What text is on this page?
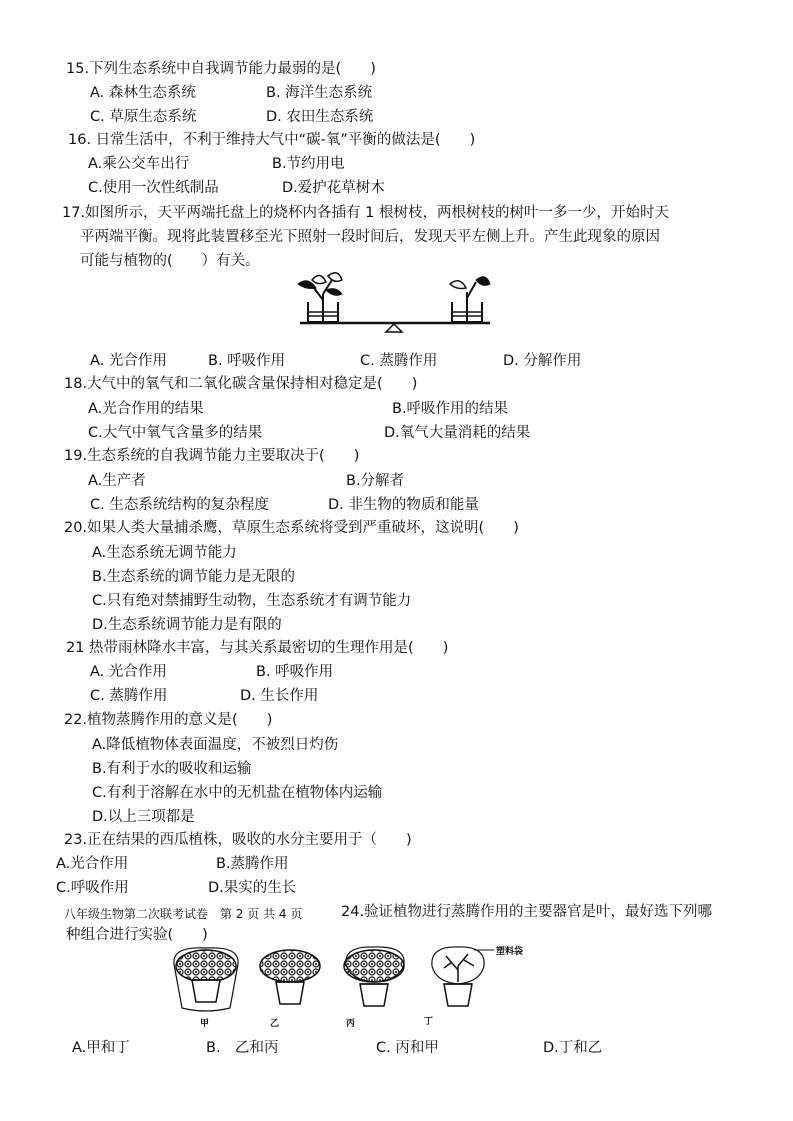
15.下列生态系统中自我调节能力最弱的是(　　)
A. 森林生态系统	B. 海洋生态系统
C. 草原生态系统	D. 农田生态系统
16. 日常生活中，不利于维持大气中“碳-氧”平衡的做法是(　　)
A.乘公交车出行	B.节约用电
C.使用一次性纸制品	D.爱护花草树木
17.如图所示，天平两端托盘上的烧杯内各插有 1 根树枝，两根树枝的树叶一多一少，开始时天
平两端平衡。现将此装置移至光下照射一段时间后，发现天平左侧上升。产生此现象的原因
可能与植物的(　　）有关。
A. 光合作用	B. 呼吸作用	C. 蒸腾作用	D. 分解作用
18.大气中的氧气和二氧化碳含量保持相对稳定是(　　)
A.光合作用的结果	B.呼吸作用的结果
C.大气中氧气含量多的结果	D.氧气大量消耗的结果
19.生态系统的自我调节能力主要取决于(　　)
A.生产者	B.分解者
C. 生态系统结构的复杂程度	D. 非生物的物质和能量
20.如果人类大量捕杀鹰，草原生态系统将受到严重破坏，这说明(　　)
A.生态系统无调节能力
B.生态系统的调节能力是无限的
C.只有绝对禁捕野生动物，生态系统才有调节能力
D.生态系统调节能力是有限的
21 热带雨林降水丰富，与其关系最密切的生理作用是(　　)
A. 光合作用	B. 呼吸作用
C. 蒸腾作用	D. 生长作用
22.植物蒸腾作用的意义是(　　)
A.降低植物体表面温度，不被烈日灼伤
B.有利于水的吸收和运输
C.有利于溶解在水中的无机盐在植物体内运输
D.以上三项都是
23.正在结果的西瓜植株，吸收的水分主要用于（　　)
A.光合作用	B.蒸腾作用
C.呼吸作用	D.果实的生长
八年级生物第二次联考试卷　第 2 页 共 4 页	24.验证植物进行蒸腾作用的主要器官是叶，最好选下列哪
种组合进行实验(　　)
塑料袋
甲	乙	丙	丁
A.甲和丁	B.　乙和丙	C. 丙和甲	D.丁和乙
